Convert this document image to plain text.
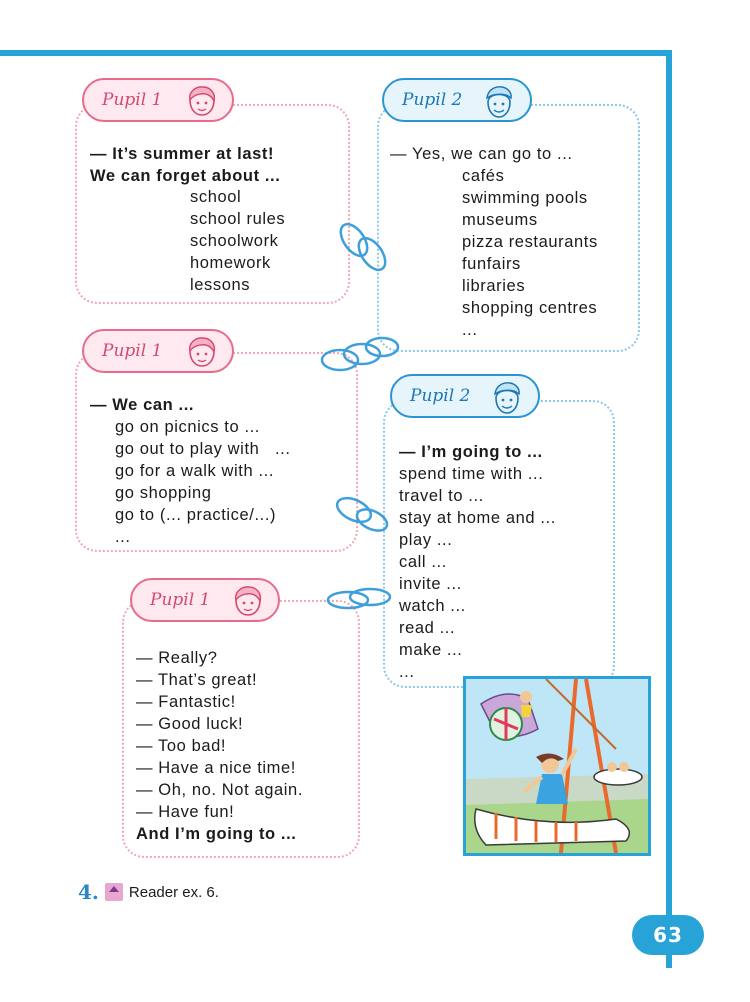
Pupil 1
— It’s summer at last!
We can forget about ...
school
school rules
schoolwork
homework
lessons
Pupil 2
— Yes, we can go to ...
cafés
swimming pools
museums
pizza restaurants
funfairs
libraries
shopping centres
...
Pupil 1
— We can ...
go on picnics to ...
go out to play with   ...
go for a walk with ...
go shopping
go to (... practice/...)
...
Pupil 2
— I’m going to ...
spend time with ...
travel to ...
stay at home and ...
play ...
call ...
invite ...
watch ...
read ...
make ...
...
Pupil 1
— Really?
— That’s great!
— Fantastic!
— Good luck!
— Too bad!
— Have a nice time!
— Oh, no. Not again.
— Have fun!
And I’m going to ...
4. Reader ex. 6.
63
